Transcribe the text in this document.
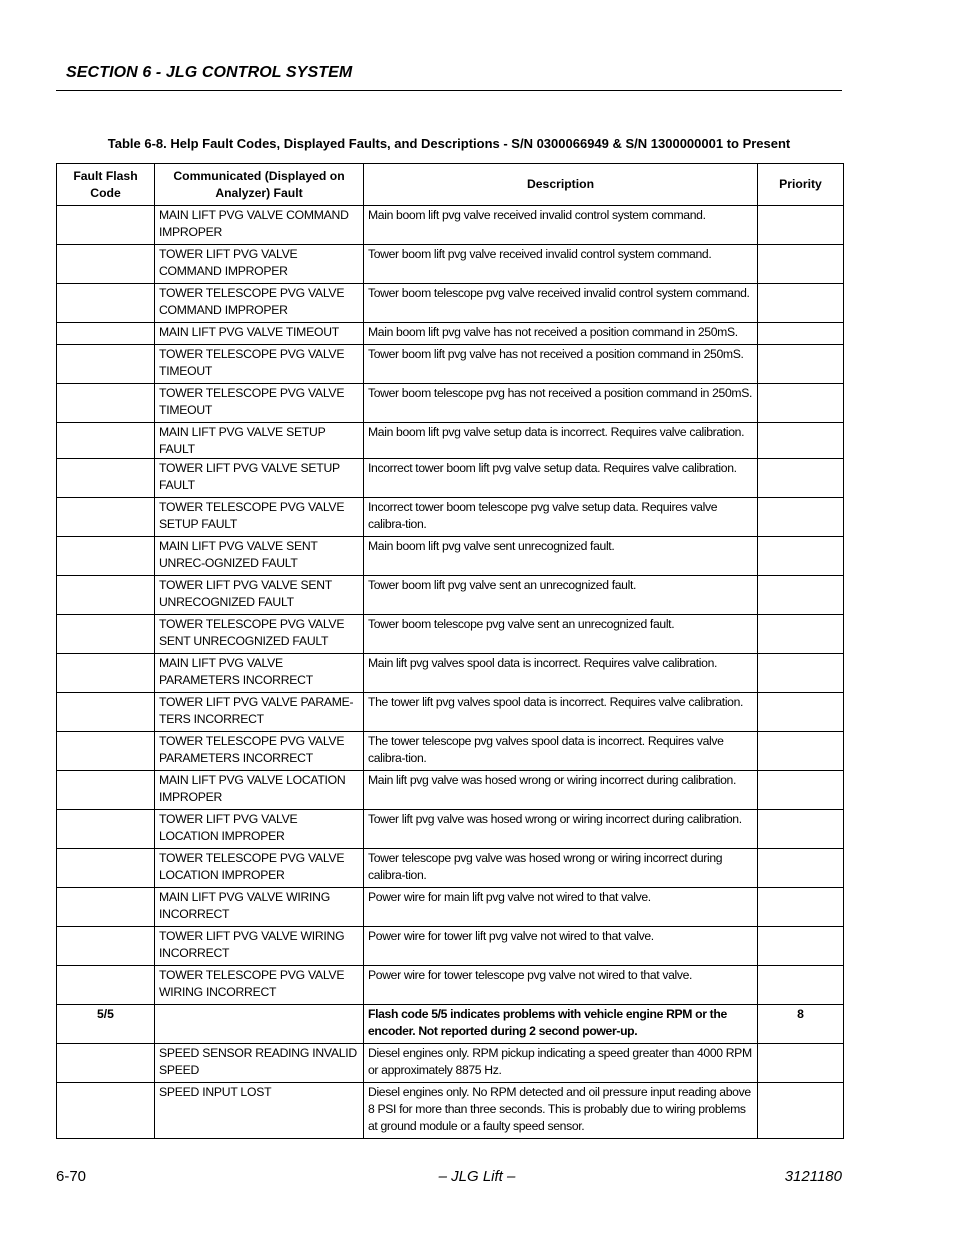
SECTION 6 - JLG CONTROL SYSTEM
Table 6-8. Help Fault Codes, Displayed Faults, and Descriptions - S/N 0300066949 & S/N 1300000001 to Present
Fault Flash Code	Communicated (Displayed on Analyzer) Fault	Description	Priority

	MAIN LIFT PVG VALVE COMMAND IMPROPER	Main boom lift pvg valve received invalid control system command.	

	TOWER LIFT PVG VALVE COMMAND IMPROPER	Tower boom lift pvg valve received invalid control system command.	

	TOWER TELESCOPE PVG VALVE COMMAND IMPROPER	Tower boom telescope pvg valve received invalid control system command.	

	MAIN LIFT PVG VALVE TIMEOUT	Main boom lift pvg valve has not received a position command in 250mS.	

	TOWER TELESCOPE PVG VALVE TIMEOUT	Tower boom lift pvg valve has not received a position command in 250mS.	

	TOWER TELESCOPE PVG VALVE TIMEOUT	Tower boom telescope pvg has not received a position command in 250mS.	

	MAIN LIFT PVG VALVE SETUP FAULT	Main boom lift pvg valve setup data is incorrect. Requires valve calibration.	

	TOWER LIFT PVG VALVE SETUP FAULT	Incorrect tower boom lift pvg valve setup data. Requires valve calibration.	

	TOWER TELESCOPE PVG VALVE SETUP FAULT	Incorrect tower boom telescope pvg valve setup data. Requires valve calibra-tion.	

	MAIN LIFT PVG VALVE SENT UNREC-OGNIZED FAULT	Main boom lift pvg valve sent unrecognized fault.	

	TOWER LIFT PVG VALVE SENT UNRECOGNIZED FAULT	Tower boom lift pvg valve sent an unrecognized fault.	

	TOWER TELESCOPE PVG VALVE SENT UNRECOGNIZED FAULT	Tower boom telescope pvg valve sent an unrecognized fault.	

	MAIN LIFT PVG VALVE PARAMETERS INCORRECT	Main lift pvg valves spool data is incorrect. Requires valve calibration.	

	TOWER LIFT PVG VALVE PARAME-TERS INCORRECT	The tower lift pvg valves spool data is incorrect. Requires valve calibration.	

	TOWER TELESCOPE PVG VALVE PARAMETERS INCORRECT	The tower telescope pvg valves spool data is incorrect. Requires valve calibra-tion.	

	MAIN LIFT PVG VALVE LOCATION IMPROPER	Main lift pvg valve was hosed wrong or wiring incorrect during calibration.	

	TOWER LIFT PVG VALVE LOCATION IMPROPER	Tower lift pvg valve was hosed wrong or wiring incorrect during calibration.	

	TOWER TELESCOPE PVG VALVE LOCATION IMPROPER	Tower telescope pvg valve was hosed wrong or wiring incorrect during calibra-tion.	

	MAIN LIFT PVG VALVE WIRING INCORRECT	Power wire for main lift pvg valve not wired to that valve.	

	TOWER LIFT PVG VALVE WIRING INCORRECT	Power wire for tower lift pvg valve not wired to that valve.	

	TOWER TELESCOPE PVG VALVE WIRING INCORRECT	Power wire for tower telescope pvg valve not wired to that valve.	

5/5		Flash code 5/5 indicates problems with vehicle engine RPM or the encoder. Not reported during 2 second power-up.	8

	SPEED SENSOR READING INVALID SPEED	Diesel engines only. RPM pickup indicating a speed greater than 4000 RPM or approximately 8875 Hz.	

	SPEED INPUT LOST	Diesel engines only. No RPM detected and oil pressure input reading above 8 PSI for more than three seconds. This is probably due to wiring problems at ground module or a faulty speed sensor.	

6-70	– JLG Lift –	3121180
